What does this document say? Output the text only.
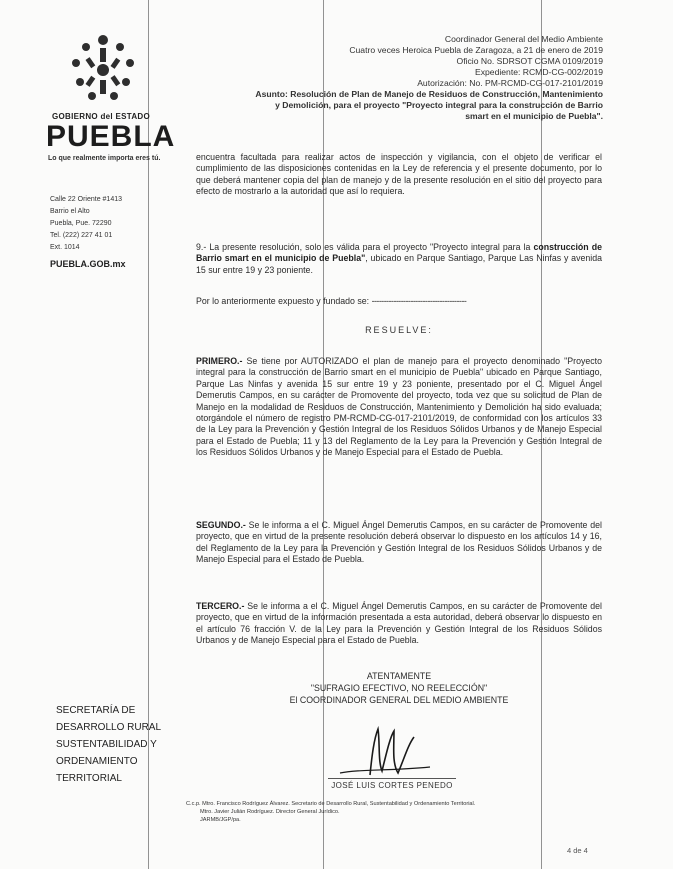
GOBIERNO del ESTADO
PUEBLA
Lo que realmente importa eres tú.
Calle 22 Oriente #1413
Barrio el Alto
Puebla, Pue. 72290
Tel. (222) 227 41 01
Ext. 1014
PUEBLA.GOB.mx
SECRETARÍA DE
DESARROLLO RURAL
SUSTENTABILIDAD Y
ORDENAMIENTO
TERRITORIAL
Coordinador General del Medio Ambiente
Cuatro veces Heroica Puebla de Zaragoza, a 21 de enero de 2019
Oficio No. SDRSOT CGMA 0109/2019
Expediente: RCMD-CG-002/2019
Autorización: No. PM-RCMD-CG-017-2101/2019
Asunto: Resolución de Plan de Manejo de Residuos de Construcción, Mantenimiento y Demolición, para el proyecto "Proyecto integral para la construcción de Barrio smart en el municipio de Puebla".
encuentra facultada para realizar actos de inspección y vigilancia, con el objeto de verificar el cumplimiento de las disposiciones contenidas en la Ley de referencia y el presente documento, por lo que deberá mantener copia del plan de manejo y de la presente resolución en el sitio del proyecto para efecto de mostrarlo a la autoridad que así lo requiera.
9.- La presente resolución, solo es válida para el proyecto "Proyecto integral para la construcción de Barrio smart en el municipio de Puebla", ubicado en Parque Santiago, Parque Las Ninfas y avenida 15 sur entre 19 y 23 poniente.
Por lo anteriormente expuesto y fundado se: ---------------------------------------
RESUELVE:
PRIMERO.- Se tiene por AUTORIZADO el plan de manejo para el proyecto denominado "Proyecto integral para la construcción de Barrio smart en el municipio de Puebla" ubicado en Parque Santiago, Parque Las Ninfas y avenida 15 sur entre 19 y 23 poniente, presentado por el C. Miguel Ángel Demerutis Campos, en su carácter de Promovente del proyecto, toda vez que su solicitud de Plan de Manejo en la modalidad de Residuos de Construcción, Mantenimiento y Demolición ha sido evaluada; otorgándole el número de registro PM-RCMD-CG-017-2101/2019, de conformidad con los artículos 33 de la Ley para la Prevención y Gestión Integral de los Residuos Sólidos Urbanos y de Manejo Especial para el Estado de Puebla; 11 y 13 del Reglamento de la Ley para la Prevención y Gestión Integral de los Residuos Sólidos Urbanos y de Manejo Especial para el Estado de Puebla.
SEGUNDO.- Se le informa a el C. Miguel Ángel Demerutis Campos, en su carácter de Promovente del proyecto, que en virtud de la presente resolución deberá observar lo dispuesto en los artículos 14 y 16, del Reglamento de la Ley para la Prevención y Gestión Integral de los Residuos Sólidos Urbanos y de Manejo Especial para el Estado de Puebla.
TERCERO.- Se le informa a el C. Miguel Ángel Demerutis Campos, en su carácter de Promovente del proyecto, que en virtud de la información presentada a esta autoridad, deberá observar lo dispuesto en el artículo 76 fracción V. de la Ley para la Prevención y Gestión Integral de los Residuos Sólidos Urbanos y de Manejo Especial para el Estado de Puebla.
ATENTAMENTE
"SUFRAGIO EFECTIVO, NO REELECCIÓN"
El COORDINADOR GENERAL DEL MEDIO AMBIENTE
JOSÉ LUIS CORTES PENEDO
C.c.p. Mtro. Francisco Rodríguez Álvarez. Secretario de Desarrollo Rural, Sustentabilidad y Ordenamiento Territorial.
Mtro. Javier Julián Rodríguez. Director General Jurídico.
JARMB/JGP/pa.
4 de 4
